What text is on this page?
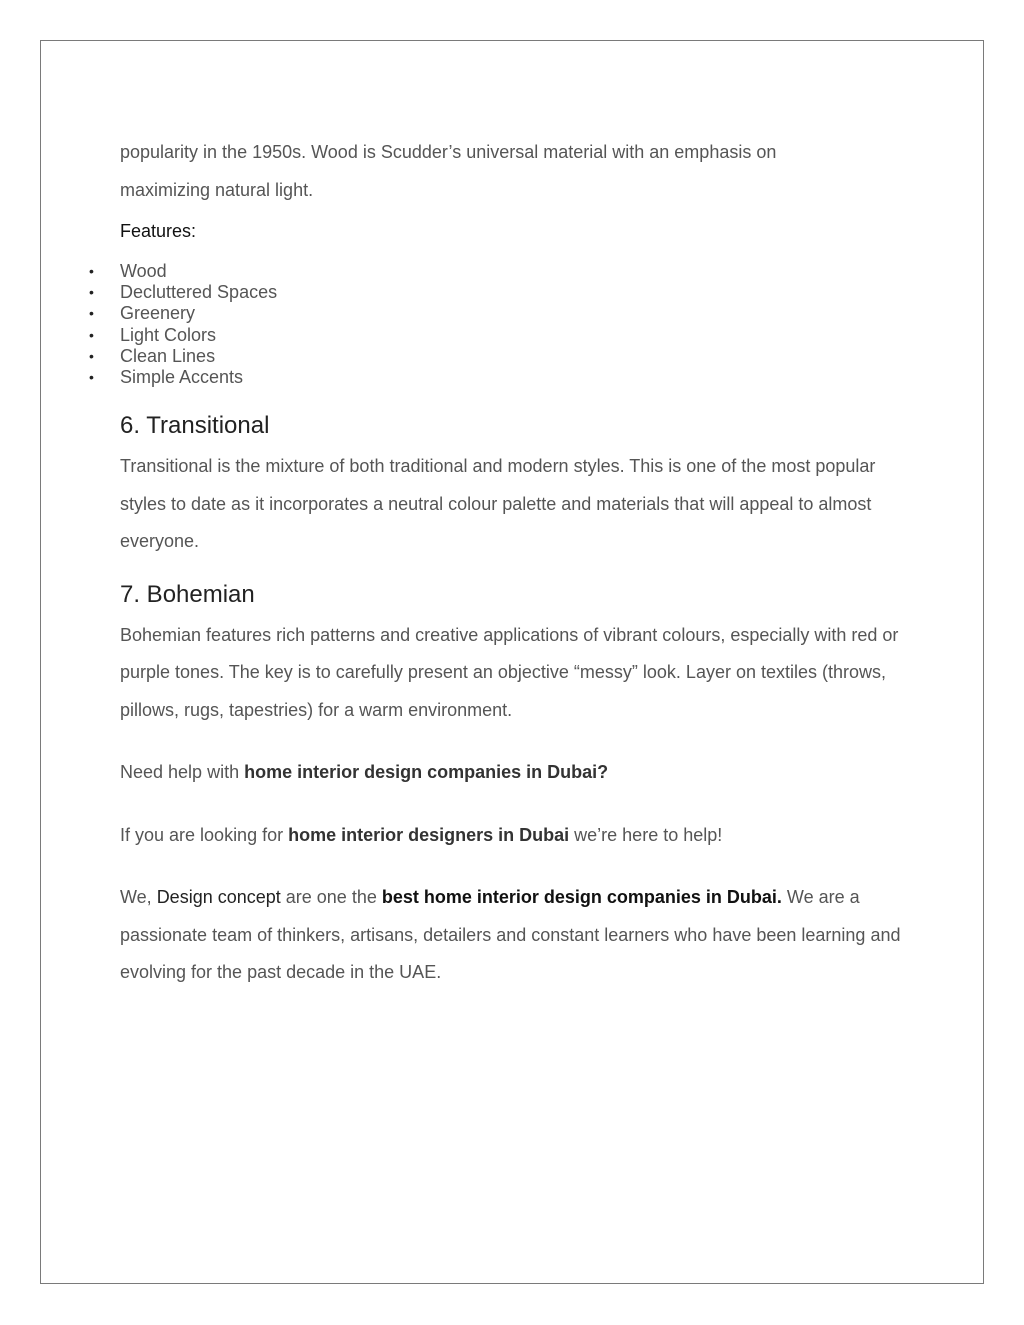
popularity in the 1950s. Wood is Scudder’s universal material with an emphasis on

maximizing natural light.

Features:

• Wood
• Decluttered Spaces
• Greenery
• Light Colors
• Clean Lines
• Simple Accents
6. Transitional

Transitional is the mixture of both traditional and modern styles. This is one of the most popular styles to date as it incorporates a neutral colour palette and materials that will appeal to almost everyone.

7. Bohemian

Bohemian features rich patterns and creative applications of vibrant colours, especially with red or purple tones. The key is to carefully present an objective “messy” look. Layer on textiles (throws, pillows, rugs, tapestries) for a warm environment.

Need help with home interior design companies in Dubai?

If you are looking for home interior designers in Dubai we’re here to help!

We, Design concept are one the best home interior design companies in Dubai. We are a passionate team of thinkers, artisans, detailers and constant learners who have been learning and evolving for the past decade in the UAE.
